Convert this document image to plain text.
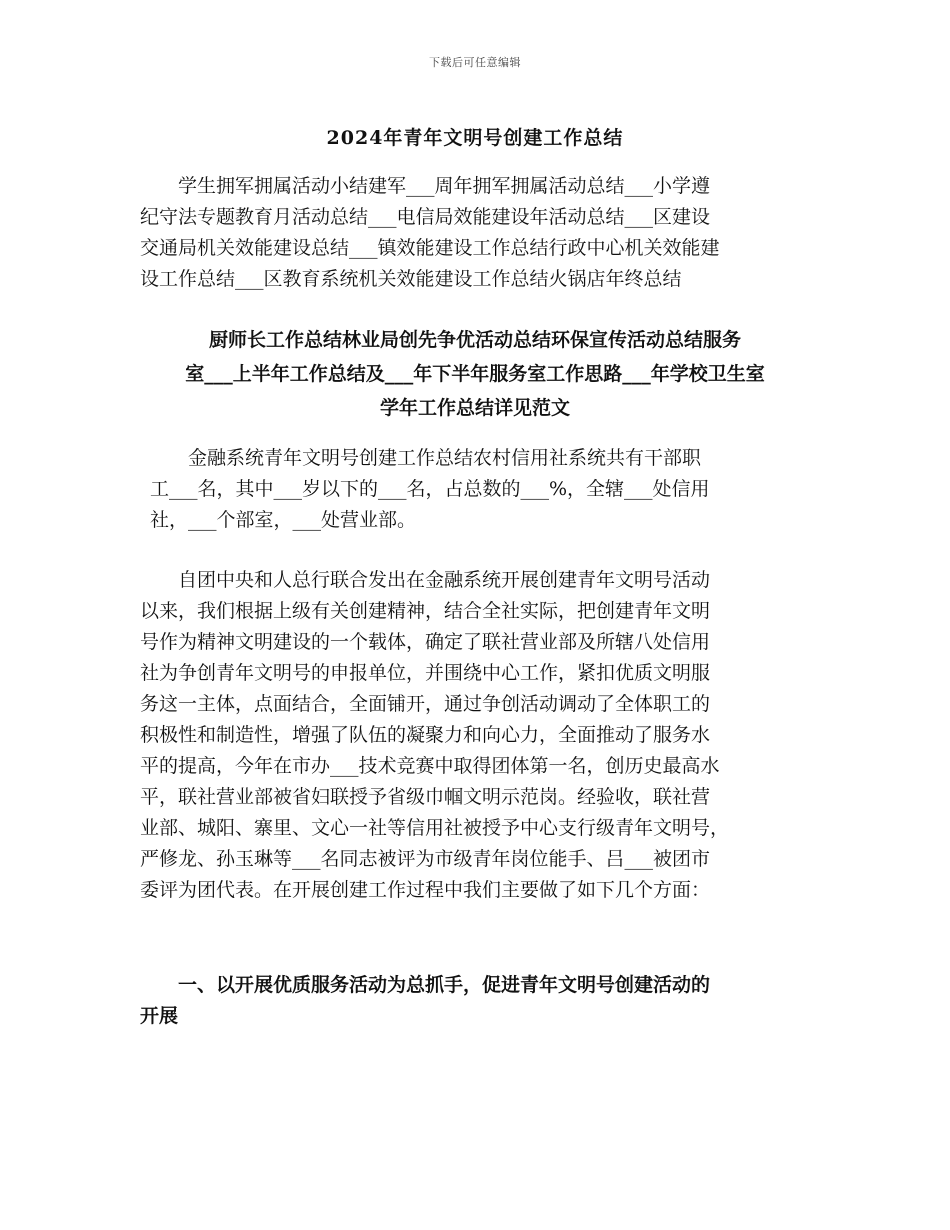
下载后可任意编辑
2024年青年文明号创建工作总结
学生拥军拥属活动小结建军___周年拥军拥属活动总结___小学遵
纪守法专题教育月活动总结___电信局效能建设年活动总结___区建设
交通局机关效能建设总结___镇效能建设工作总结行政中心机关效能建
设工作总结___区教育系统机关效能建设工作总结火锅店年终总结
厨师长工作总结林业局创先争优活动总结环保宣传活动总结服务
室___上半年工作总结及___年下半年服务室工作思路___年学校卫生室
学年工作总结详见范文
金融系统青年文明号创建工作总结农村信用社系统共有干部职
工___名，其中___岁以下的___名，占总数的___%，全辖___处信用
社，___个部室，___处营业部。
自团中央和人总行联合发出在金融系统开展创建青年文明号活动
以来，我们根据上级有关创建精神，结合全社实际，把创建青年文明
号作为精神文明建设的一个载体，确定了联社营业部及所辖八处信用
社为争创青年文明号的申报单位，并围绕中心工作，紧扣优质文明服
务这一主体，点面结合，全面铺开，通过争创活动调动了全体职工的
积极性和制造性，增强了队伍的凝聚力和向心力，全面推动了服务水
平的提高，今年在市办___技术竞赛中取得团体第一名，创历史最高水
平，联社营业部被省妇联授予省级巾帼文明示范岗。经验收，联社营
业部、城阳、寨里、文心一社等信用社被授予中心支行级青年文明号，
严修龙、孙玉琳等___名同志被评为市级青年岗位能手、吕___被团市
委评为团代表。在开展创建工作过程中我们主要做了如下几个方面：
一、以开展优质服务活动为总抓手，促进青年文明号创建活动的
开展
